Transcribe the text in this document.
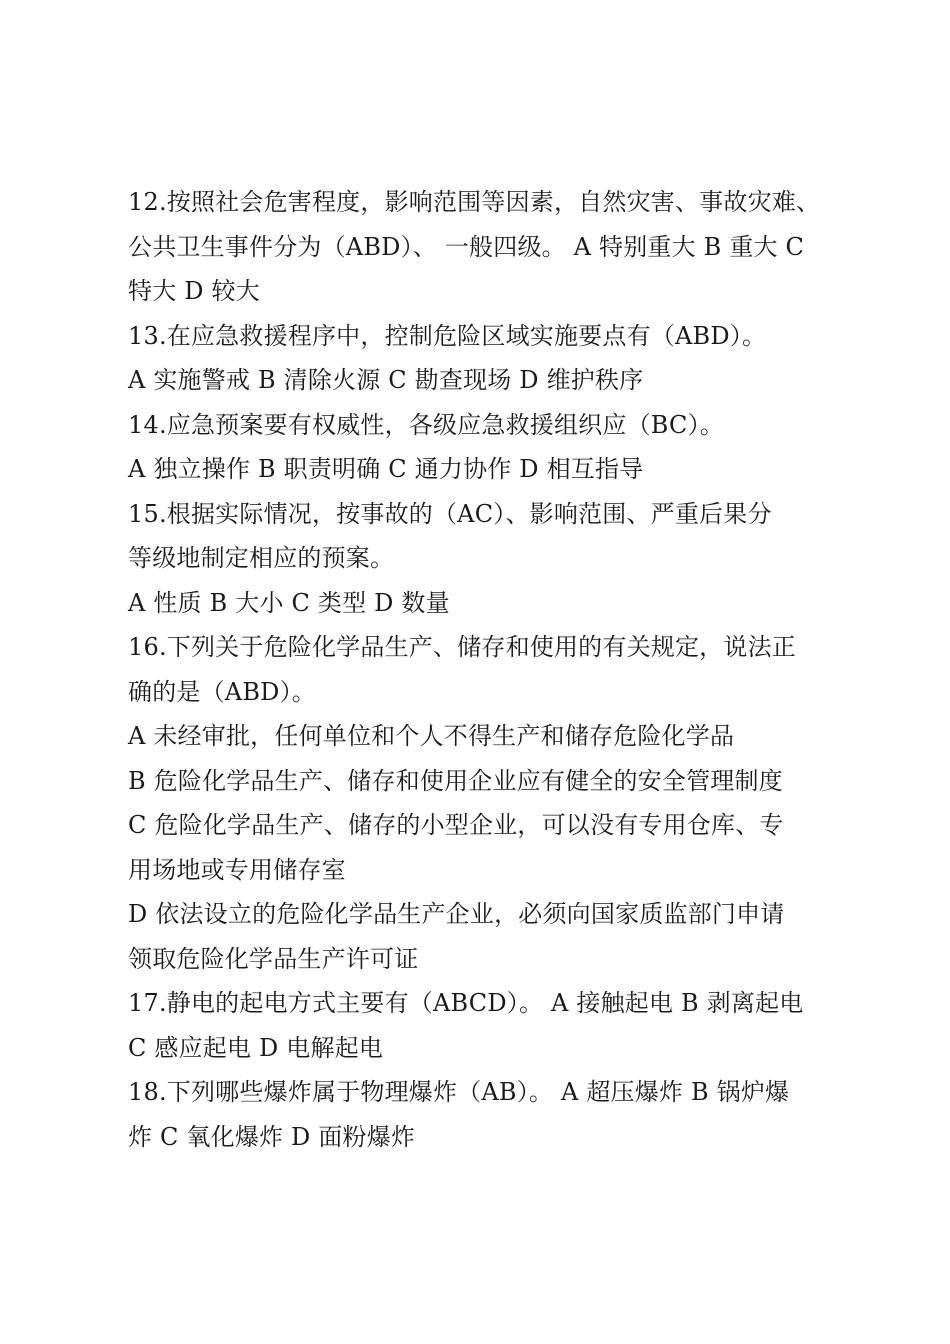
12.按照社会危害程度，影响范围等因素，自然灾害、事故灾难、
公共卫生事件分为（ABD）、 一般四级。 A 特别重大 B 重大 C
特大 D 较大
13.在应急救援程序中，控制危险区域实施要点有（ABD）。
A 实施警戒 B 清除火源 C 勘查现场 D 维护秩序
14.应急预案要有权威性，各级应急救援组织应（BC）。
A 独立操作 B 职责明确 C 通力协作 D 相互指导
15.根据实际情况，按事故的（AC）、影响范围、严重后果分
等级地制定相应的预案。
A 性质 B 大小 C 类型 D 数量
16.下列关于危险化学品生产、储存和使用的有关规定，说法正
确的是（ABD）。
A 未经审批，任何单位和个人不得生产和储存危险化学品
B 危险化学品生产、储存和使用企业应有健全的安全管理制度
C 危险化学品生产、储存的小型企业，可以没有专用仓库、专
用场地或专用储存室
D 依法设立的危险化学品生产企业，必须向国家质监部门申请
领取危险化学品生产许可证
17.静电的起电方式主要有（ABCD）。 A 接触起电 B 剥离起电
C 感应起电 D 电解起电
18.下列哪些爆炸属于物理爆炸（AB）。 A 超压爆炸 B 锅炉爆
炸 C 氧化爆炸 D 面粉爆炸
